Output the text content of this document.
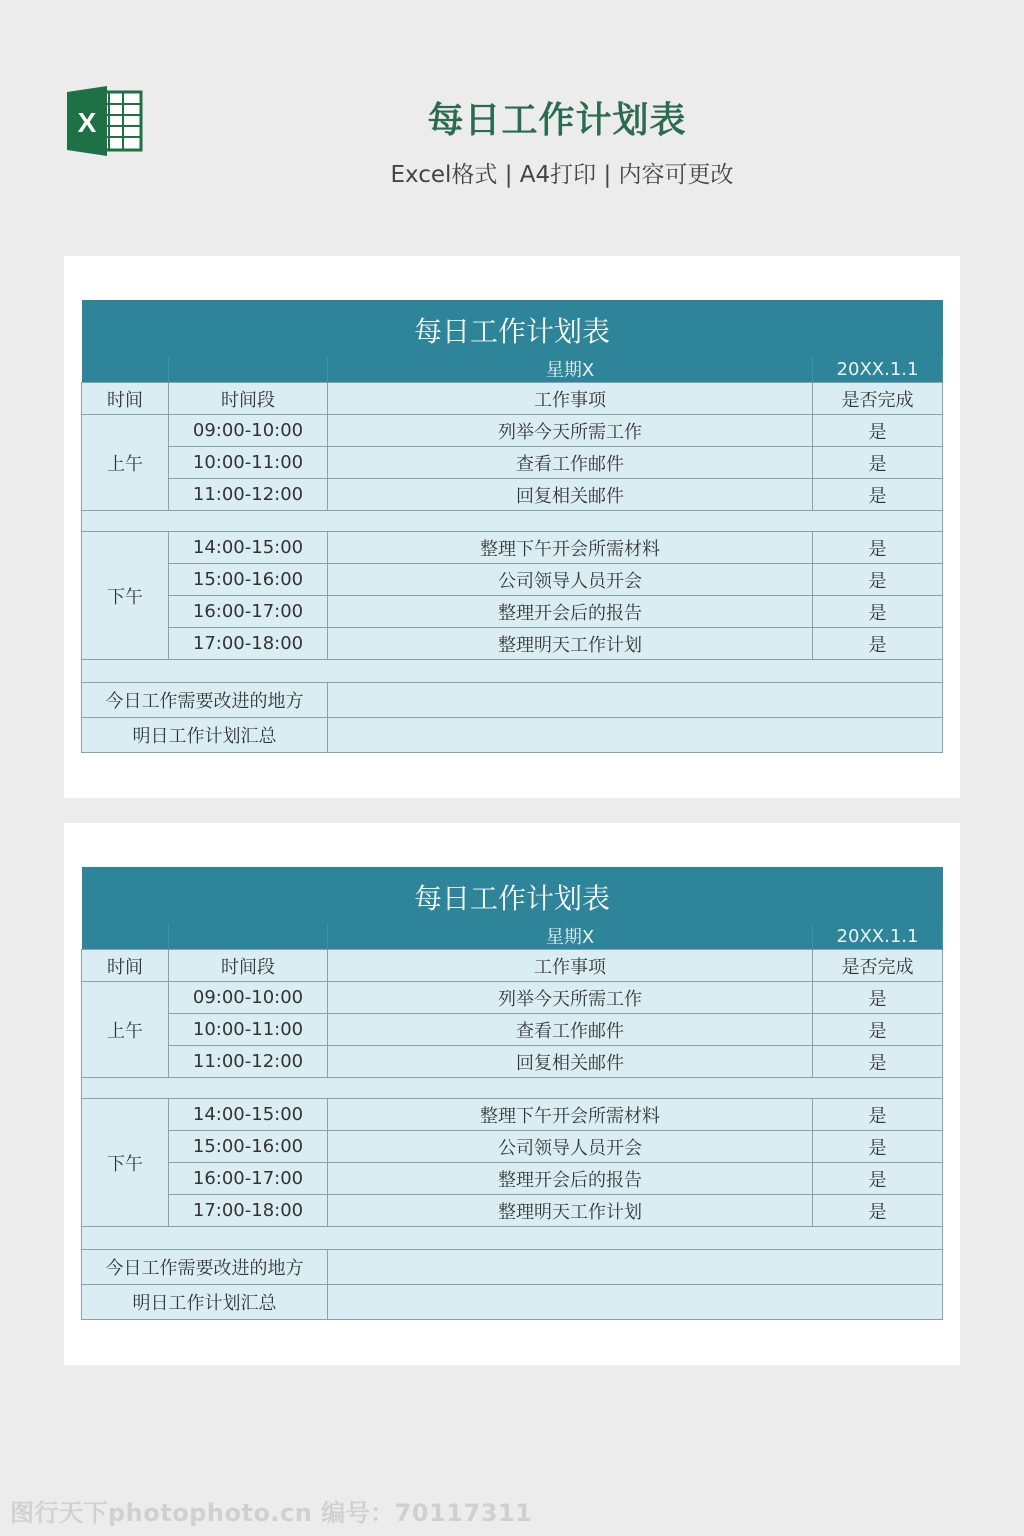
X	每日工作计划表
Excel格式 | A4打印 | 内容可更改
每日工作计划表			
		星期X	20XX.1.1
时间	时间段	工作事项	是否完成
上午	09:00-10:00	列举今天所需工作	是
	10:00-11:00	查看工作邮件	是
	11:00-12:00	回复相关邮件	是

下午	14:00-15:00	整理下午开会所需材料	是
	15:00-16:00	公司领导人员开会	是
	16:00-17:00	整理开会后的报告	是
	17:00-18:00	整理明天工作计划	是

今日工作需要改进的地方			
明日工作计划汇总			
每日工作计划表			
		星期X	20XX.1.1
时间	时间段	工作事项	是否完成
上午	09:00-10:00	列举今天所需工作	是
	10:00-11:00	查看工作邮件	是
	11:00-12:00	回复相关邮件	是

下午	14:00-15:00	整理下午开会所需材料	是
	15:00-16:00	公司领导人员开会	是
	16:00-17:00	整理开会后的报告	是
	17:00-18:00	整理明天工作计划	是

今日工作需要改进的地方			
明日工作计划汇总			
图行天下photophoto.cn 编号：70117311
